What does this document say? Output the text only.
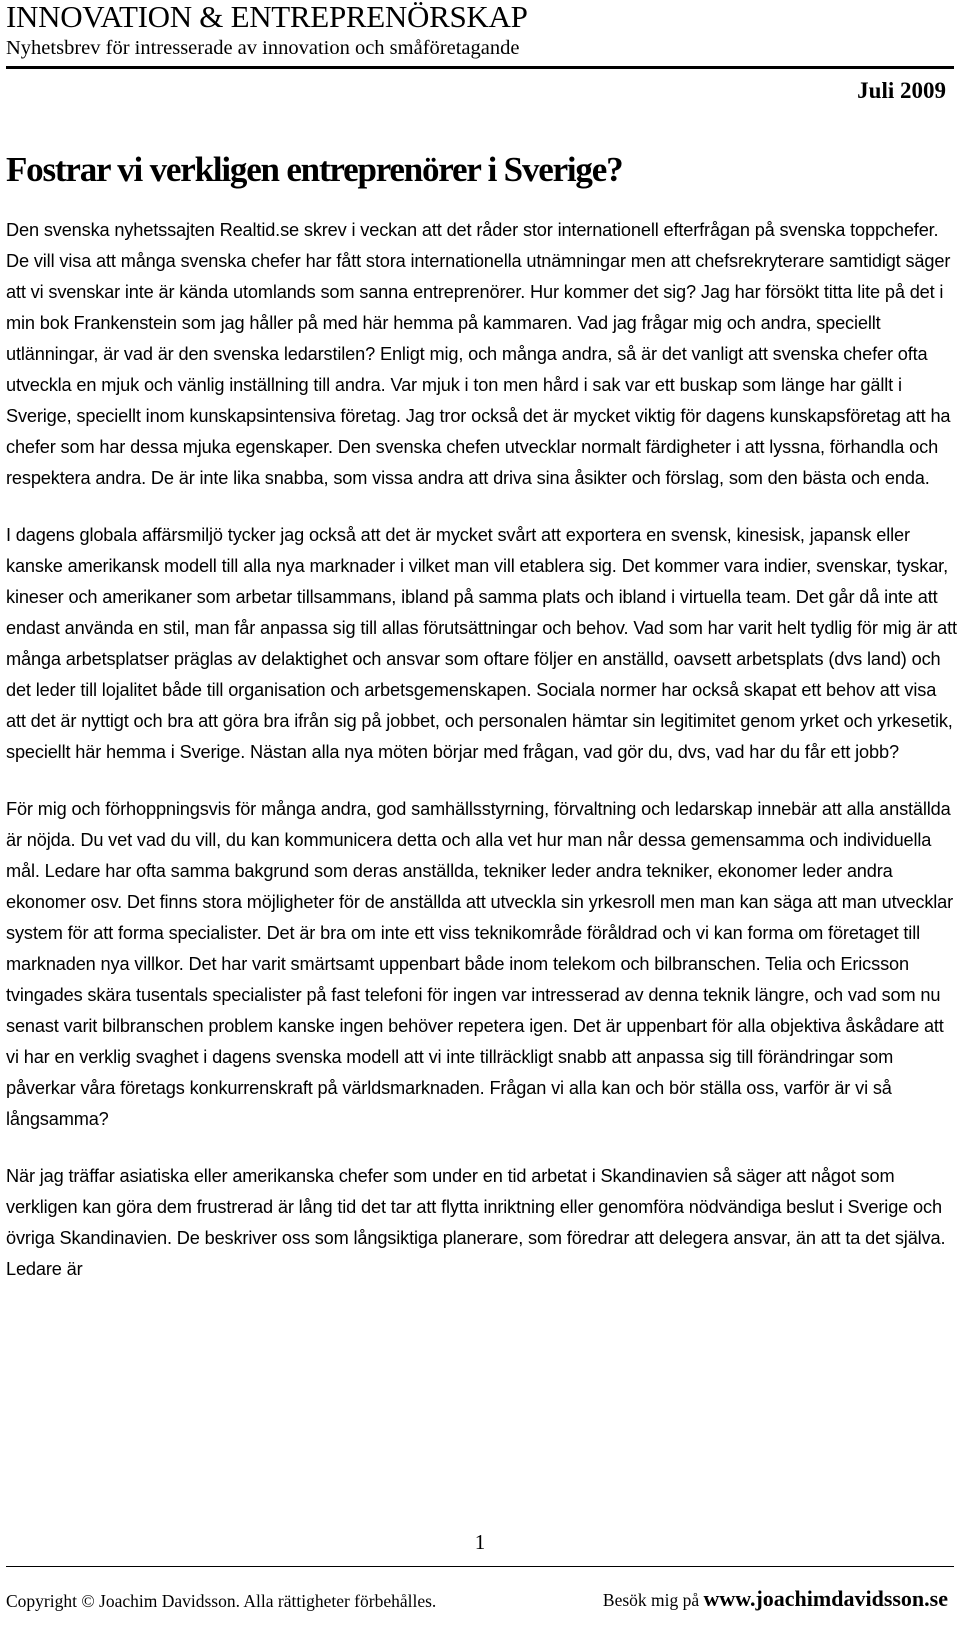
INNOVATION & ENTREPRENÖRSKAP
Nyhetsbrev för intresserade av innovation och småföretagande
Juli 2009
Fostrar vi verkligen entreprenörer i Sverige?

Den svenska nyhetssajten Realtid.se skrev i veckan att det råder stor internationell efterfrågan på svenska toppchefer. De vill visa att många svenska chefer har fått stora internationella utnämningar men att chefsrekryterare samtidigt säger att vi svenskar inte är kända utomlands som sanna entreprenörer. Hur kommer det sig? Jag har försökt titta lite på det i min bok Frankenstein som jag håller på med här hemma på kammaren. Vad jag frågar mig och andra, speciellt utlänningar, är vad är den svenska ledarstilen? Enligt mig, och många andra, så är det vanligt att svenska chefer ofta utveckla en mjuk och vänlig inställning till andra. Var mjuk i ton men hård i sak var ett buskap som länge har gällt i Sverige, speciellt inom kunskapsintensiva företag. Jag tror också det är mycket viktig för dagens kunskapsföretag att ha chefer som har dessa mjuka egenskaper. Den svenska chefen utvecklar normalt färdigheter i att lyssna, förhandla och respektera andra. De är inte lika snabba, som vissa andra att driva sina åsikter och förslag, som den bästa och enda.

I dagens globala affärsmiljö tycker jag också att det är mycket svårt att exportera en svensk, kinesisk, japansk eller kanske amerikansk modell till alla nya marknader i vilket man vill etablera sig. Det kommer vara indier, svenskar, tyskar, kineser och amerikaner som arbetar tillsammans, ibland på samma plats och ibland i virtuella team. Det går då inte att endast använda en stil, man får anpassa sig till allas förutsättningar och behov. Vad som har varit helt tydlig för mig är att många arbetsplatser präglas av delaktighet och ansvar som oftare följer en anställd, oavsett arbetsplats (dvs land) och det leder till lojalitet både till organisation och arbetsgemenskapen. Sociala normer har också skapat ett behov att visa att det är nyttigt och bra att göra bra ifrån sig på jobbet, och personalen hämtar sin legitimitet genom yrket och yrkesetik, speciellt här hemma i Sverige. Nästan alla nya möten börjar med frågan, vad gör du, dvs, vad har du får ett jobb?

För mig och förhoppningsvis för många andra, god samhällsstyrning, förvaltning och ledarskap innebär att alla anställda är nöjda. Du vet vad du vill, du kan kommunicera detta och alla vet hur man når dessa gemensamma och individuella mål. Ledare har ofta samma bakgrund som deras anställda, tekniker leder andra tekniker, ekonomer leder andra ekonomer osv. Det finns stora möjligheter för de anställda att utveckla sin yrkesroll men man kan säga att man utvecklar system för att forma specialister. Det är bra om inte ett viss teknikområde föråldrad och vi kan forma om företaget till marknaden nya villkor. Det har varit smärtsamt uppenbart både inom telekom och bilbranschen. Telia och Ericsson tvingades skära tusentals specialister på fast telefoni för ingen var intresserad av denna teknik längre, och vad som nu senast varit bilbranschen problem kanske ingen behöver repetera igen. Det är uppenbart för alla objektiva åskådare att vi har en verklig svaghet i dagens svenska modell att vi inte tillräckligt snabb att anpassa sig till förändringar som påverkar våra företags konkurrenskraft på världsmarknaden. Frågan vi alla kan och bör ställa oss, varför är vi så långsamma?

När jag träffar asiatiska eller amerikanska chefer som under en tid arbetat i Skandinavien så säger att något som verkligen kan göra dem frustrerad är lång tid det tar att flytta inriktning eller genomföra nödvändiga beslut i Sverige och övriga Skandinavien. De beskriver oss som långsiktiga planerare, som föredrar att delegera ansvar, än att ta det själva. Ledare är

1
Copyright © Joachim Davidsson. Alla rättigheter förbehålles.	Besök mig på www.joachimdavidsson.se
